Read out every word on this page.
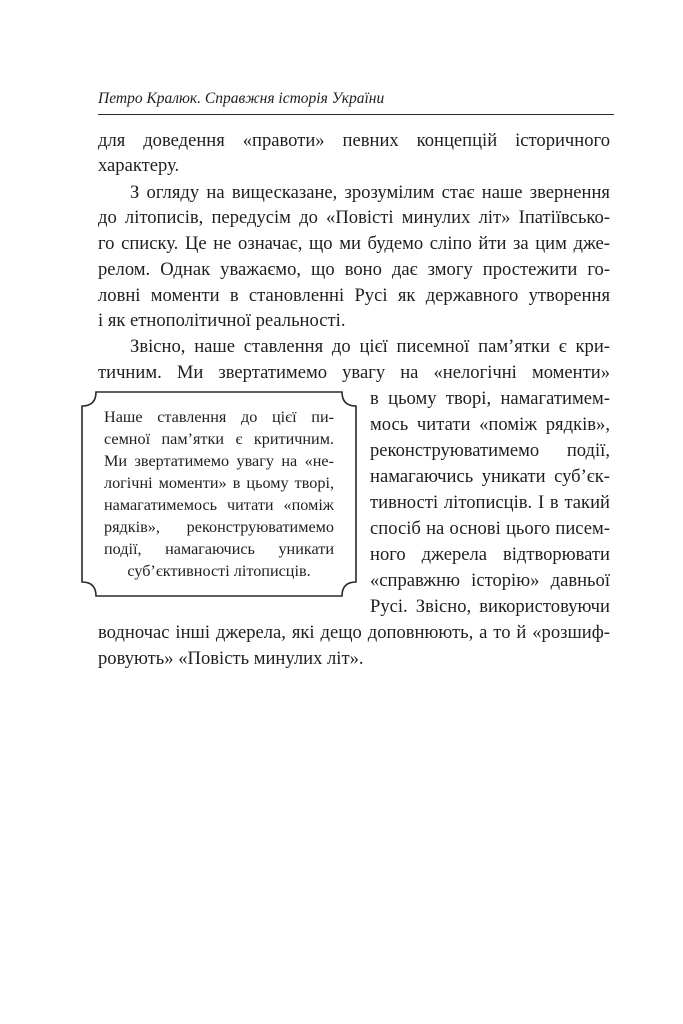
Петро Кралюк. Справжня історія України

для доведення «правоти» певних концепцій історичного

характеру.

З огляду на вищесказане, зрозумілим стає наше звернення

до літописів, передусім до «Повісті минулих літ» Іпатіївсько-

го списку. Це не означає, що ми будемо сліпо йти за цим дже-

релом. Однак уважаємо, що воно дає змогу простежити го-

ловні моменти в становленні Русі як державного утворення

і як етнополітичної реальності.

Звісно, наше ставлення до цієї писемної пам’ятки є кри-

тичним. Ми звертатимемо увагу на «нелогічні моменти»

в цьому творі, намагатимем-

мось читати «поміж рядків»,

реконструюватимемо події,

намагаючись уникати суб’єк-

тивності літописців. І в такий

спосіб на основі цього писем-

ного джерела відтворювати

«справжню історію» давньої

Русі. Звісно, використовуючи

водночас інші джерела, які дещо доповнюють, а то й «розшиф-

ровують» «Повість минулих літ».

Наше ставлення до цієї пи-

семної пам’ятки є критичним.

Ми звертатимемо увагу на «не-

логічні моменти» в цьому творі,

намагатимемось читати «поміж

рядків», реконструюватимемо

події, намагаючись уникати

суб’єктивності літописців.
